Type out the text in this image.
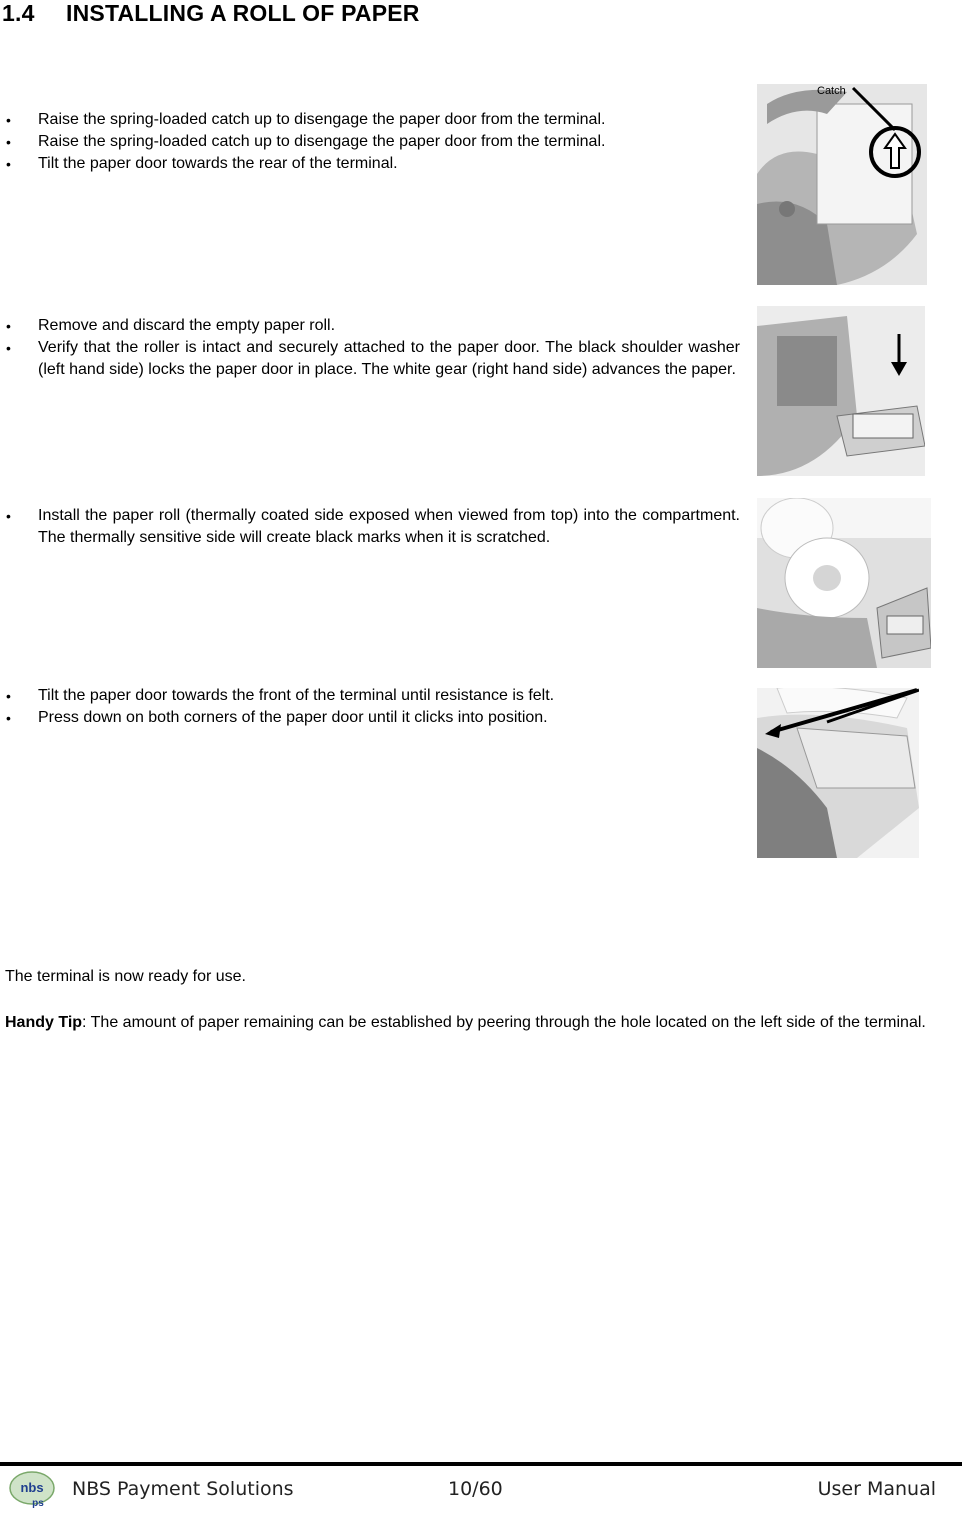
1.4 INSTALLING A ROLL OF PAPER
• Raise the spring-loaded catch up to disengage the paper door from the terminal.
• Raise the spring-loaded catch up to disengage the paper door from the terminal.
• Tilt the paper door towards the rear of the terminal.
Catch
• Remove and discard the empty paper roll.
• Verify that the roller is intact and securely attached to the paper door. The black shoulder washer (left hand side) locks the paper door in place. The white gear (right hand side) advances the paper.
• Install the paper roll (thermally coated side exposed when viewed from top) into the compartment. The thermally sensitive side will create black marks when it is scratched.
• Tilt the paper door towards the front of the terminal until resistance is felt.
• Press down on both corners of the paper door until it clicks into position.

The terminal is now ready for use.

Handy Tip: The amount of paper remaining can be established by peering through the hole located on the left side of the terminal.

nbs
ps
NBS Payment Solutions	10/60	User Manual
